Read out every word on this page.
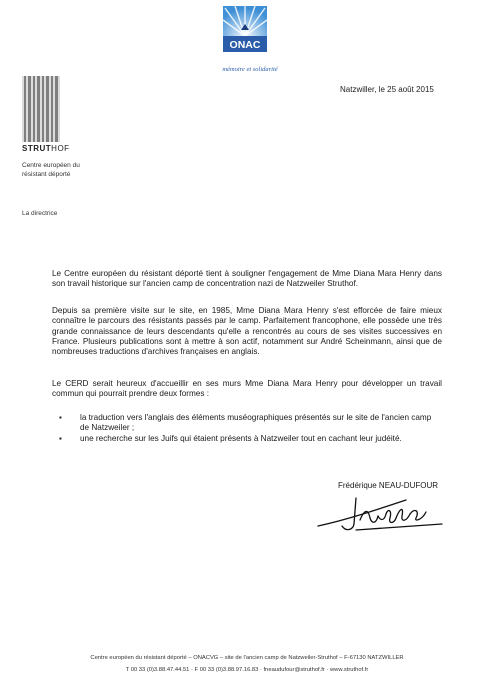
ONAC
mémoire et solidarité
Natzwiller, le 25 août 2015
STRUTHOF
Centre européen du résistant déporté
La directrice

Le Centre européen du résistant déporté tient à souligner l'engagement de Mme Diana Mara Henry dans son travail historique sur l'ancien camp de concentration nazi de Natzweiler Struthof.

Depuis sa première visite sur le site, en 1985, Mme Diana Mara Henry s'est efforcée de faire mieux connaître le parcours des résistants passés par le camp. Parfaitement francophone, elle possède une très grande connaissance de leurs descendants qu'elle a rencontrés au cours de ses visites successives en France. Plusieurs publications sont à mettre à son actif, notamment sur André Scheinmann, ainsi que de nombreuses traductions d'archives françaises en anglais.

Le CERD serait heureux d'accueillir en ses murs Mme Diana Mara Henry pour développer un travail commun qui pourrait prendre deux formes :

▪ la traduction vers l'anglais des éléments muséographiques présentés sur le site de l'ancien camp de Natzweiler ;
▪ une recherche sur les Juifs qui étaient présents à Natzweiler tout en cachant leur judéité.
Frédérique NEAU-DUFOUR
Centre européen du résistant déporté – ONACVG – site de l'ancien camp de Natzweiler-Struthof – F-67130 NATZWILLER
T 00 33 (0)3.88.47.44.51 · F 00 33 (0)3.88.97.16.83 · fneaudufour@struthof.fr · www.struthof.fr
